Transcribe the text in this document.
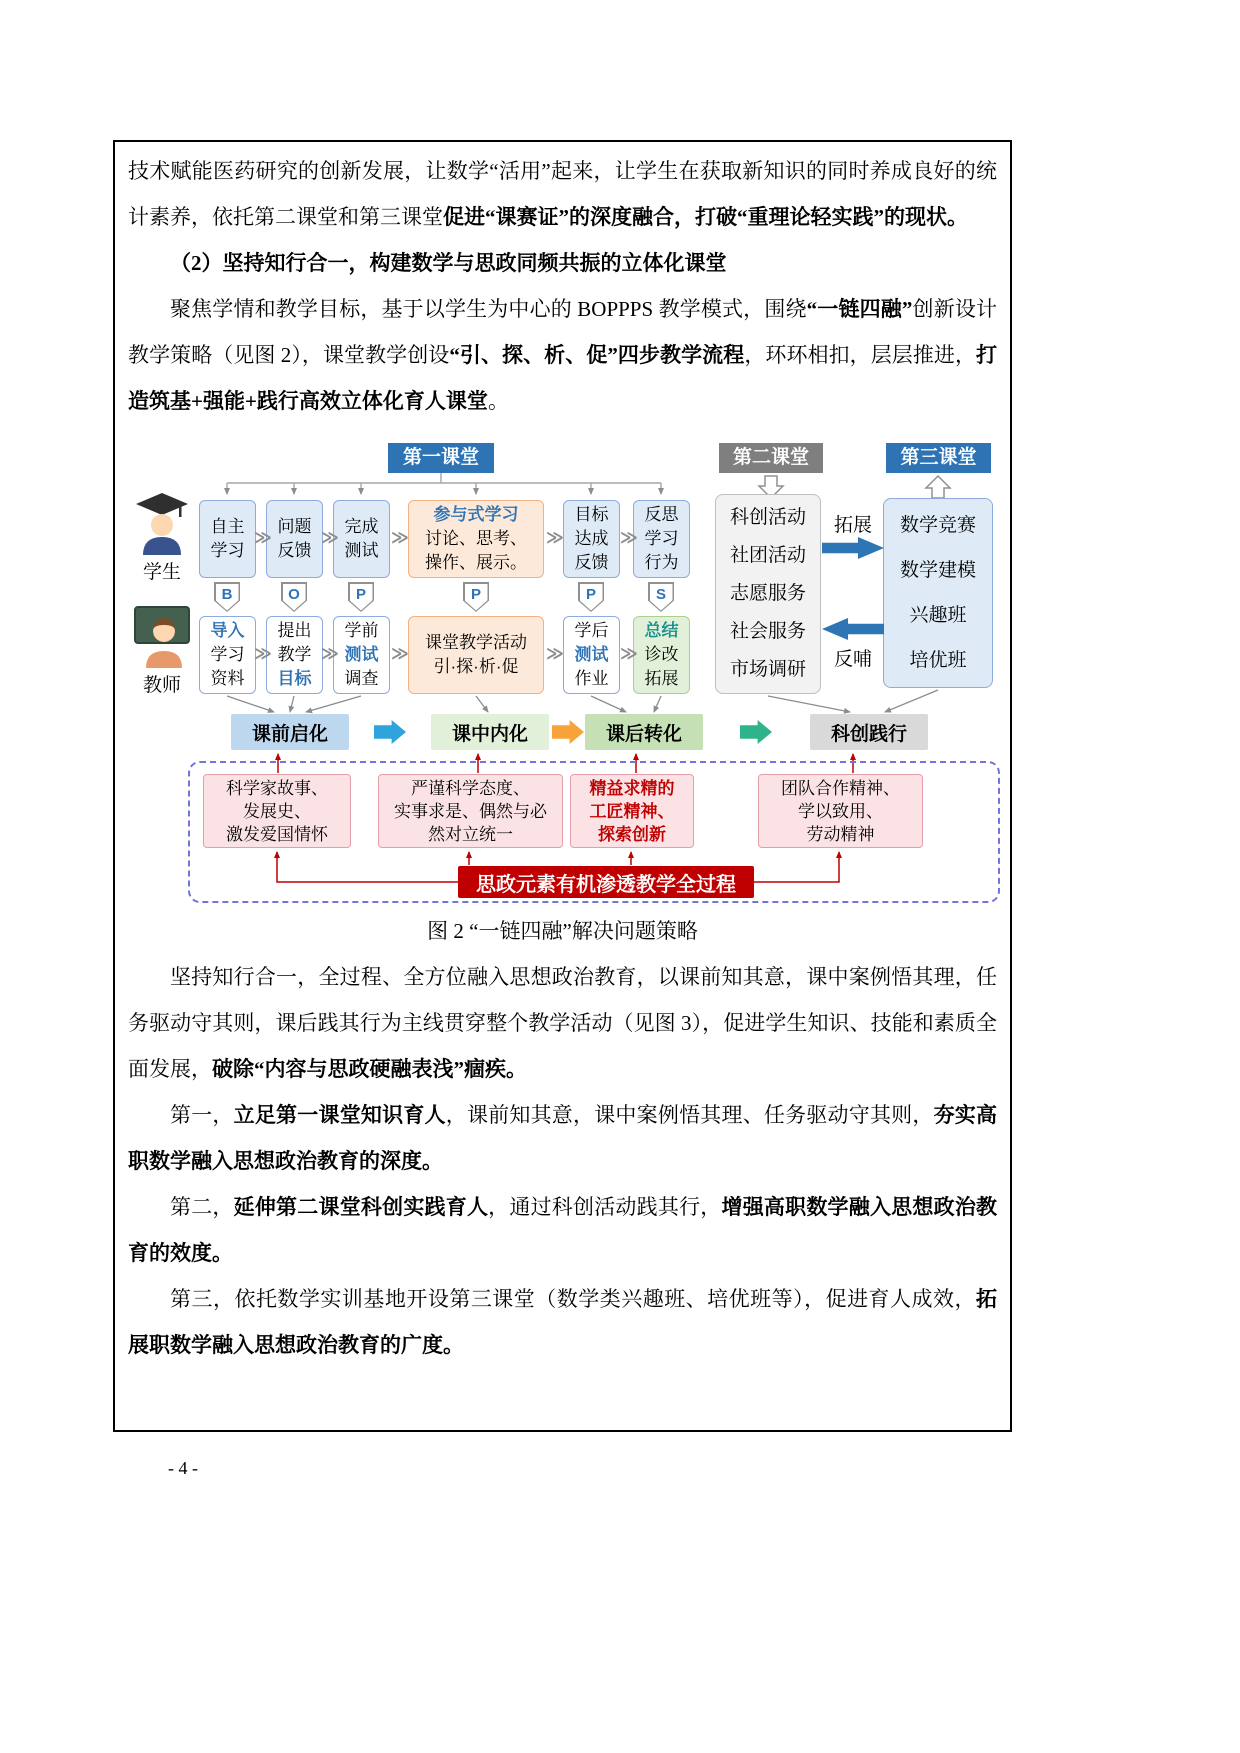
技术赋能医药研究的创新发展，让数学“活用”起来，让学生在获取新知识的同时养成良好的统计素养，依托第二课堂和第三课堂促进“课赛证”的深度融合，打破“重理论轻实践”的现状。

（2）坚持知行合一，构建数学与思政同频共振的立体化课堂

聚焦学情和教学目标，基于以学生为中心的 BOPPPS 教学模式，围绕“一链四融”创新设计教学策略（见图 2），课堂教学创设“引、探、析、促”四步教学流程，环环相扣，层层推进，打造筑基+强能+践行高效立体化育人课堂。

第一课堂	第二课堂	第三课堂
学生
教师
自主
学习
问题
反馈
完成
测试
参与式学习
讨论、思考、
操作、展示。
目标
达成
反馈
反思
学习
行为
≫	≫	≫	≫	≫
B	O	P	P	P	S
导入
学习
资料
提出
教学
目标
学前
测试
调查
课堂教学活动
引·探·析·促
学后
测试
作业
总结
诊改
拓展
≫	≫	≫	≫	≫
科创活动
社团活动
志愿服务
社会服务
市场调研
数学竞赛
数学建模
兴趣班
培优班
拓展
反哺
课前启化	课中内化	课后转化	科创践行
科学家故事、
发展史、
激发爱国情怀
严谨科学态度、
实事求是、偶然与必
然对立统一
精益求精的
工匠精神、
探索创新
团队合作精神、
学以致用、
劳动精神
思政元素有机渗透教学全过程

图 2 “一链四融”解决问题策略

坚持知行合一，全过程、全方位融入思想政治教育，以课前知其意，课中案例悟其理，任务驱动守其则，课后践其行为主线贯穿整个教学活动（见图 3），促进学生知识、技能和素质全面发展，破除“内容与思政硬融表浅”痼疾。

第一，立足第一课堂知识育人，课前知其意，课中案例悟其理、任务驱动守其则，夯实高职数学融入思想政治教育的深度。

第二，延伸第二课堂科创实践育人，通过科创活动践其行，增强高职数学融入思想政治教育的效度。

第三，依托数学实训基地开设第三课堂（数学类兴趣班、培优班等），促进育人成效，拓展职数学融入思想政治教育的广度。

- 4 -
